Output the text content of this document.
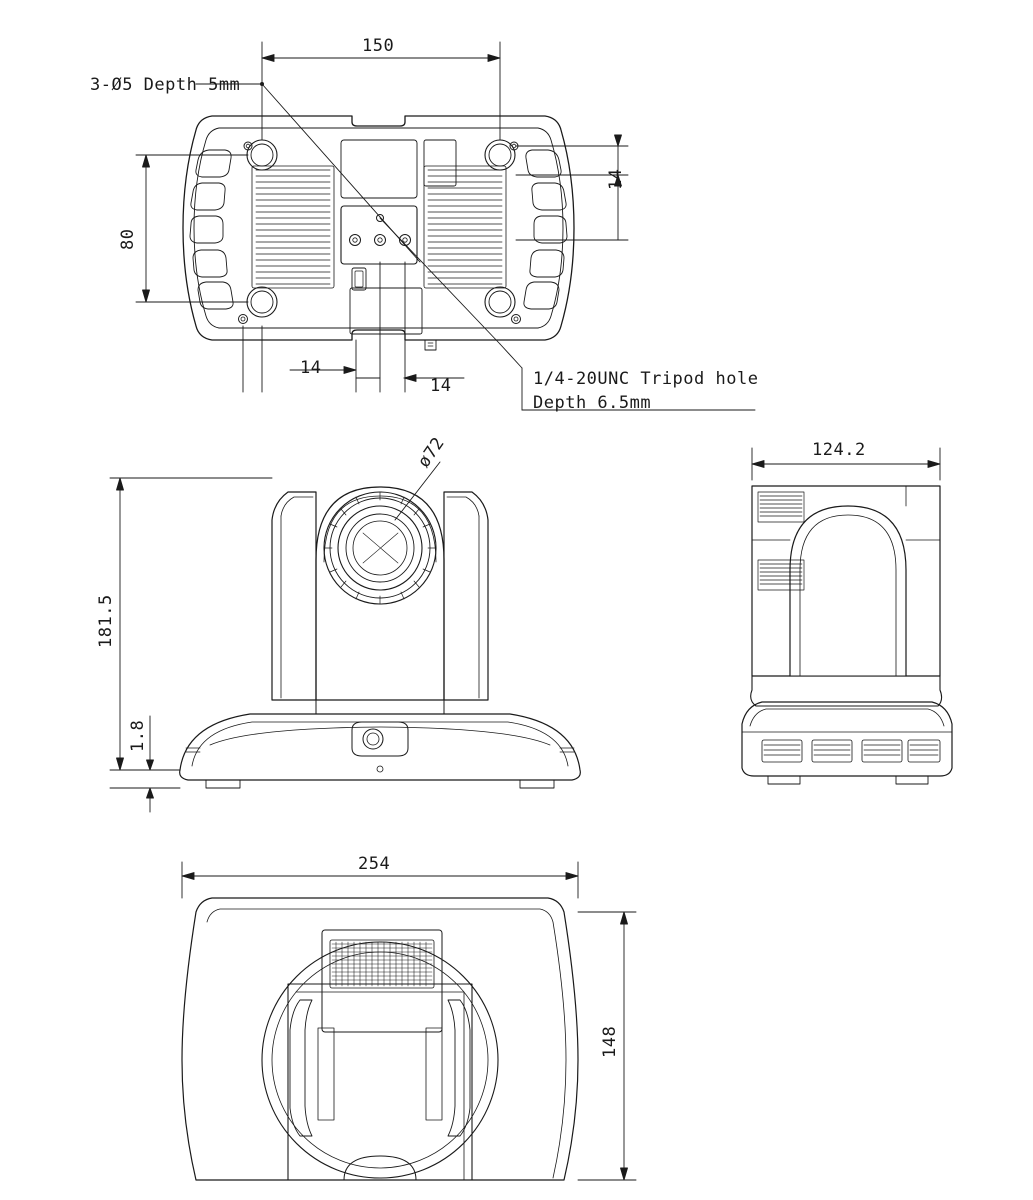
3-Ø5 Depth 5mm
150
80
14
14
14	1/4-20UNC Tripod hole
Depth 6.5mm
ø72
181.5
1.8
124.2
254
148
